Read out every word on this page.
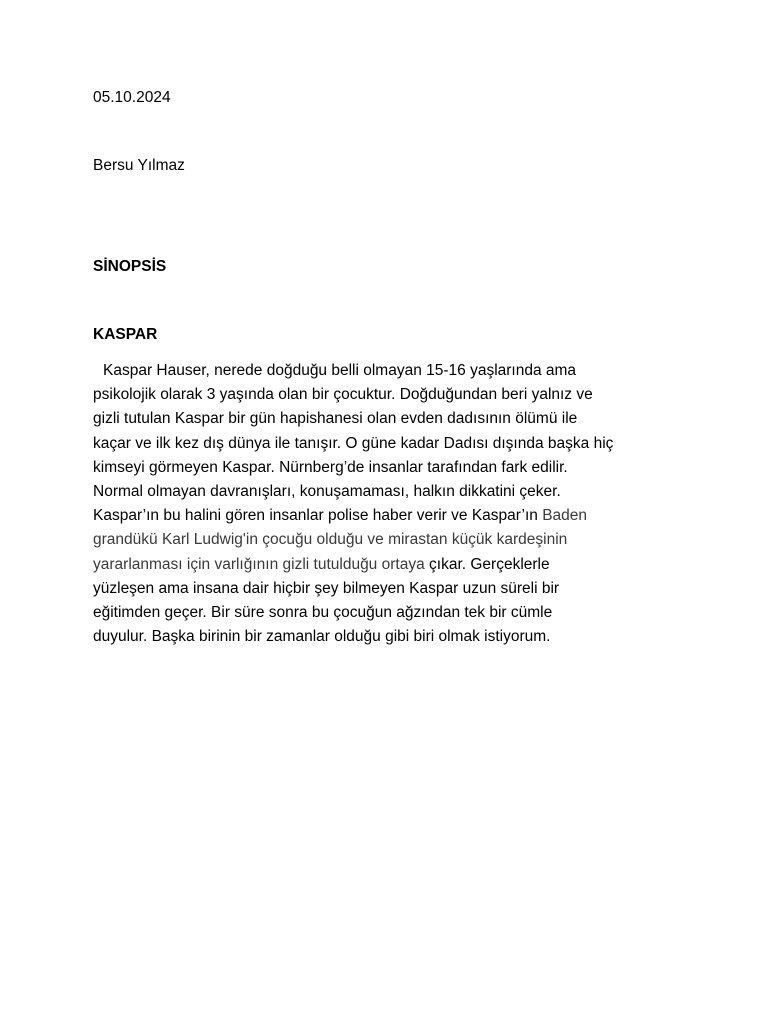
05.10.2024
Bersu Yılmaz
SİNOPSİS
KASPAR
Kaspar Hauser, nerede doğduğu belli olmayan 15-16 yaşlarında ama
psikolojik olarak 3 yaşında olan bir çocuktur. Doğduğundan beri yalnız ve
gizli tutulan Kaspar bir gün hapishanesi olan evden dadısının ölümü ile
kaçar ve ilk kez dış dünya ile tanışır. O güne kadar Dadısı dışında başka hiç
kimseyi görmeyen Kaspar. Nürnberg’de insanlar tarafından fark edilir.
Normal olmayan davranışları, konuşamaması, halkın dikkatini çeker.
Kaspar’ın bu halini gören insanlar polise haber verir ve Kaspar’ın Baden
grandükü Karl Ludwig'in çocuğu olduğu ve mirastan küçük kardeşinin
yararlanması için varlığının gizli tutulduğu ortaya çıkar. Gerçeklerle
yüzleşen ama insana dair hiçbir şey bilmeyen Kaspar uzun süreli bir
eğitimden geçer. Bir süre sonra bu çocuğun ağzından tek bir cümle
duyulur. Başka birinin bir zamanlar olduğu gibi biri olmak istiyorum.
